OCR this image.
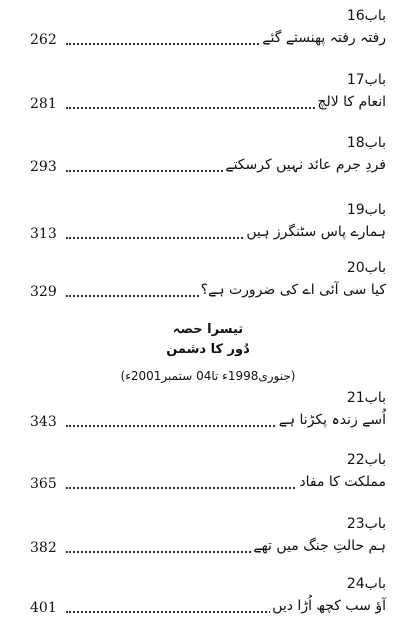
باب16
رفتہ رفتہ پھنستے گئے
262
باب17
انعام کا لالچ
281
باب18
فردِ جرم عائد نہیں کرسکتے
293
باب19
ہمارے پاس سٹنگرز ہیں
313
باب20
کیا سی آئی اے کی ضرورت ہے؟
329
تیسرا حصہ
دُور کا دشمن
(جنوری1998ء تا04 ستمبر2001ء)
باب21
اُسے زندہ پکڑنا ہے
343
باب22
مملکت کا مفاد
365
باب23
ہم حالتِ جنگ میں تھے
382
باب24
آؤ سب کچھ اُڑا دیں
401
